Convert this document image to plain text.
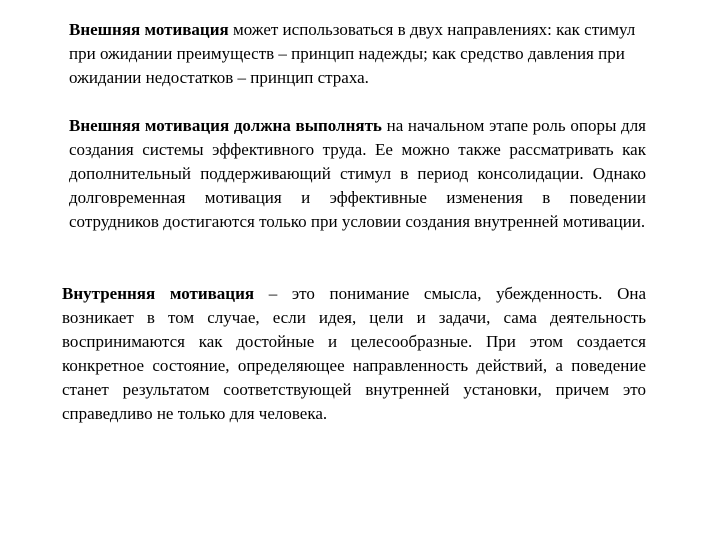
Внешняя мотивация может использоваться в двух направлениях: как стимул при ожидании преимуществ – принцип надежды; как средство давления при ожидании недостатков – принцип страха.

Внешняя мотивация должна выполнять на начальном этапе роль опоры для создания системы эффективного труда. Ее можно также рассматривать как дополнительный поддерживающий стимул в период консолидации. Однако долговременная мотивация и эффективные изменения в поведении сотрудников достигаются только при условии создания внутренней мотивации.

Внутренняя мотивация – это понимание смысла, убежденность. Она возникает в том случае, если идея, цели и задачи, сама деятельность воспринимаются как достойные и целесообразные. При этом создается конкретное состояние, определяющее направленность действий, а поведение станет результатом соответствующей внутренней установки, причем это справедливо не только для человека.
